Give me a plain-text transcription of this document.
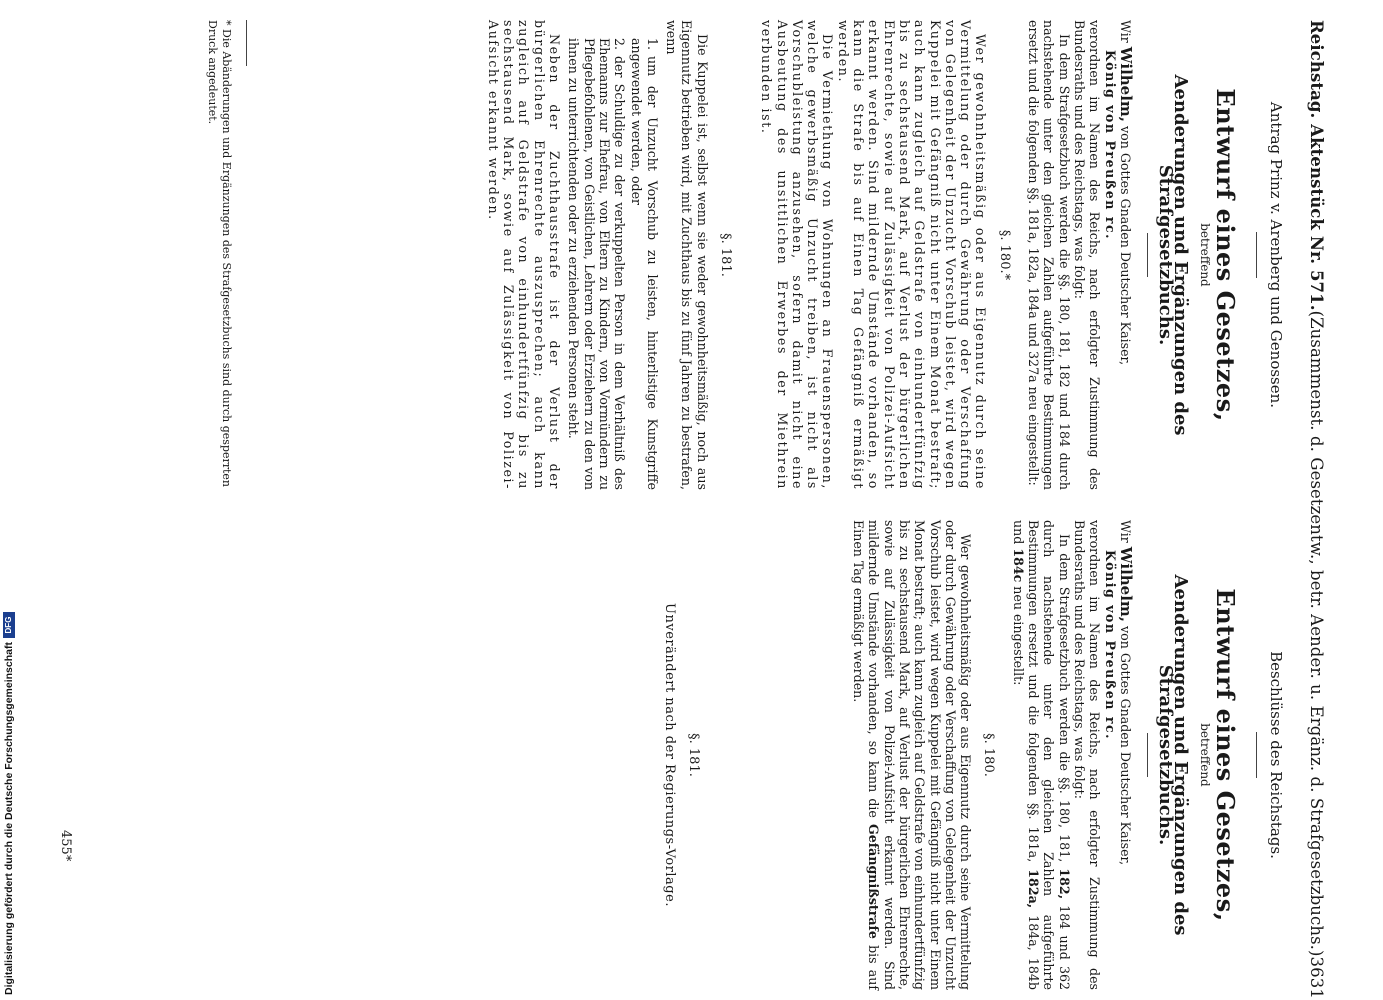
Reichstag. Aktenstück Nr. 571.
(Zusammenst. d. Gesetzentw., betr. Aender. u. Ergänz. d. Strafgesetzbuchs.)
3631
Antrag Prinz v. Arenberg und Genossen.
Beschlüsse des Reichstags.
Entwurf eines Gesetzes,
betreffend
Aenderungen und Ergänzungen des Strafgesetzbuchs.

Wir Wilhelm, von Gottes Gnaden Deutscher Kaiser,
König von Preußen rc.
verordnen im Namen des Reichs, nach erfolgter Zustimmung des Bundesraths und des Reichstags, was folgt:

In dem Strafgesetzbuch werden die §§. 180, 181, 182 und 184 durch nachstehende unter den gleichen Zahlen aufgeführte Bestimmungen ersetzt und die folgenden §§. 181a, 182a, 184a und 327a neu eingestellt:

§. 180.*

Wer gewohnheitsmäßig oder aus Eigennutz durch seine Vermittelung oder durch Gewährung oder Verschaffung von Gelegenheit der Unzucht Vorschub leistet, wird wegen Kuppelei mit Gefängniß nicht unter Einem Monat bestraft; auch kann zugleich auf Geldstrafe von einhundertfünfzig bis zu sechstausend Mark, auf Verlust der bürgerlichen Ehrenrechte, sowie auf Zulässigkeit von Polizei-Aufsicht erkannt werden. Sind mildernde Umstände vorhanden, so kann die Strafe bis auf Einen Tag Gefängniß ermäßigt werden.

Die Vermiethung von Wohnungen an Frauenspersonen, welche gewerbsmäßig Unzucht treiben, ist nicht als Vorschubleistung anzusehen, sofern damit nicht eine Ausbeutung des unsittlichen Erwerbes der Miethrein verbunden ist.

§. 181.

Die Kuppelei ist, selbst wenn sie weder gewohnheitsmäßig, noch aus Eigennutz betrieben wird, mit Zuchthaus bis zu fünf Jahren zu bestrafen, wenn

1.um der Unzucht Vorschub zu leisten, hinterlistige Kunstgriffe angewendet werden, oder
2.der Schuldige zu der verkuppelten Person in dem Verhältniß des Ehemanns zur Ehefrau, von Eltern zu Kindern, von Vormündern zu Pflegebefohlenen, von Geistlichen, Lehrern oder Erziehern zu den von ihnen zu unterrichtenden oder zu erziehenden Personen steht.

Neben der Zuchthausstrafe ist der Verlust der bürgerlichen Ehrenrechte auszusprechen; auch kann zugleich auf Geldstrafe von einhundertfünfzig bis zu sechstausend Mark, sowie auf Zulässigkeit von Polizei-Aufsicht erkannt werden.

Entwurf eines Gesetzes,
betreffend
Aenderungen und Ergänzungen des Strafgesetzbuchs.

Wir Wilhelm, von Gottes Gnaden Deutscher Kaiser,
König von Preußen rc.
verordnen im Namen des Reichs, nach erfolgter Zustimmung des Bundesraths und des Reichstags, was folgt:

In dem Strafgesetzbuch werden die §§. 180, 181, 182, 184 und 362 durch nachstehende unter den gleichen Zahlen aufgeführte Bestimmungen ersetzt und die folgenden §§. 181a, 182a, 184a, 184b und 184c neu eingestellt:

§. 180.

Wer gewohnheitsmäßig oder aus Eigennutz durch seine Vermittelung oder durch Gewährung oder Verschaffung von Gelegenheit der Unzucht Vorschub leistet, wird wegen Kuppelei mit Gefängniß nicht unter Einem Monat bestraft; auch kann zugleich auf Geldstrafe von einhundertfünfzig bis zu sechstausend Mark, auf Verlust der bürgerlichen Ehrenrechte, sowie auf Zulässigkeit von Polizei-Aufsicht erkannt werden. Sind mildernde Umstände vorhanden, so kann die Gefängnißstrafe bis auf Einen Tag ermäßigt werden.

§. 181.
Unverändert nach der Regierungs-Vorlage.
* Die Abänderungen und Ergänzungen des Strafgesetzbuchs sind durch gesperrten Druck angedeutet.
455*
Digitalisierung gefördert durch die Deutsche Forschungsgemeinschaft
DFG
